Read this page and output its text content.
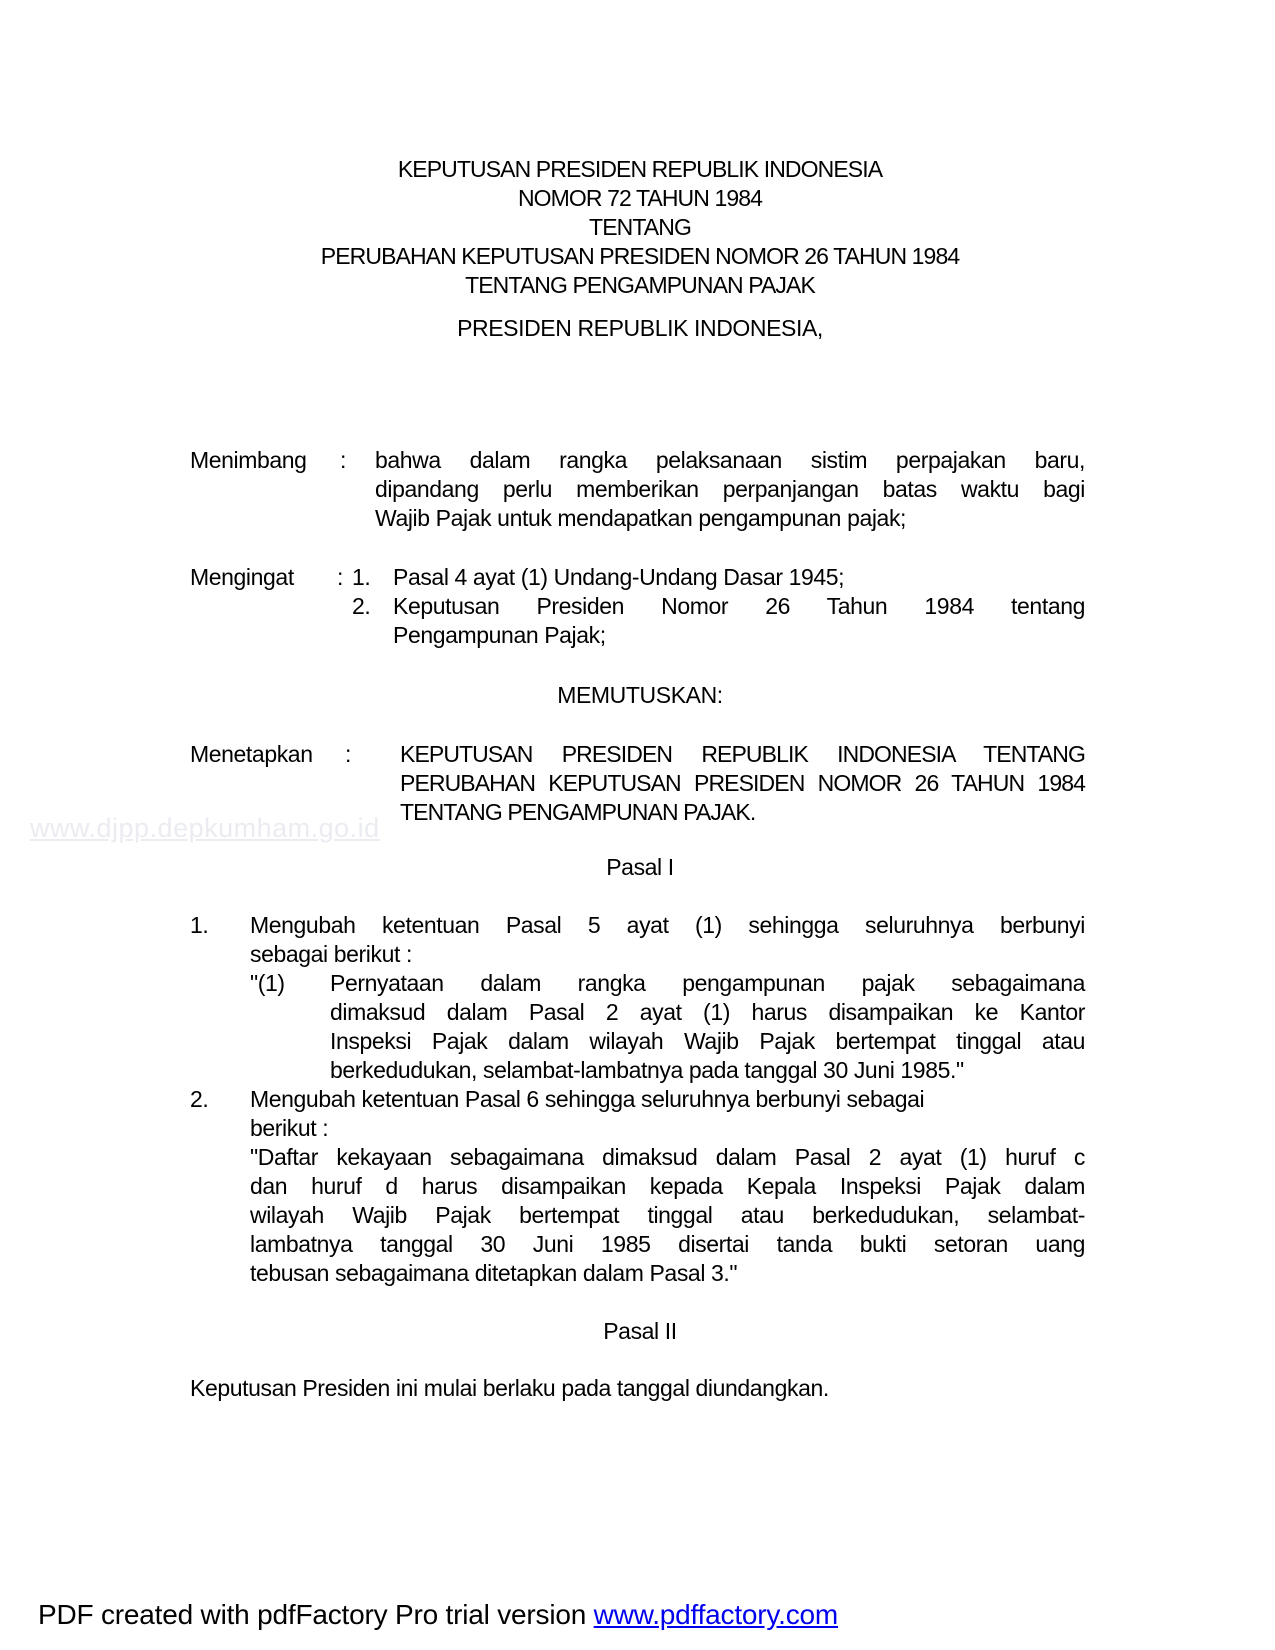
www.djpp.depkumham.go.id
KEPUTUSAN PRESIDEN REPUBLIK INDONESIA
NOMOR 72 TAHUN 1984
TENTANG
PERUBAHAN KEPUTUSAN PRESIDEN NOMOR 26 TAHUN 1984
TENTANG PENGAMPUNAN PAJAK
PRESIDEN REPUBLIK INDONESIA,
Menimbang : bahwa dalam rangka pelaksanaan sistim perpajakan baru,
dipandang perlu memberikan perpanjangan batas waktu bagi
Wajib Pajak untuk mendapatkan pengampunan pajak;
Mengingat : 1. Pasal 4 ayat (1) Undang-Undang Dasar 1945;
2. Keputusan Presiden Nomor 26 Tahun 1984 tentang
Pengampunan Pajak;
MEMUTUSKAN:
Menetapkan : KEPUTUSAN PRESIDEN REPUBLIK INDONESIA TENTANG
PERUBAHAN KEPUTUSAN PRESIDEN NOMOR 26 TAHUN 1984
TENTANG PENGAMPUNAN PAJAK.
Pasal I
1. Mengubah ketentuan Pasal 5 ayat (1) sehingga seluruhnya berbunyi
sebagai berikut :
"(1) Pernyataan dalam rangka pengampunan pajak sebagaimana
dimaksud dalam Pasal 2 ayat (1) harus disampaikan ke Kantor
Inspeksi Pajak dalam wilayah Wajib Pajak bertempat tinggal atau
berkedudukan, selambat-lambatnya pada tanggal 30 Juni 1985."
2. Mengubah ketentuan Pasal 6 sehingga seluruhnya berbunyi sebagai
berikut :
"Daftar kekayaan sebagaimana dimaksud dalam Pasal 2 ayat (1) huruf c
dan huruf d harus disampaikan kepada Kepala Inspeksi Pajak dalam
wilayah Wajib Pajak bertempat tinggal atau berkedudukan, selambat-
lambatnya tanggal 30 Juni 1985 disertai tanda bukti setoran uang
tebusan sebagaimana ditetapkan dalam Pasal 3."
Pasal II
Keputusan Presiden ini mulai berlaku pada tanggal diundangkan.
PDF created with pdfFactory Pro trial version www.pdffactory.com
